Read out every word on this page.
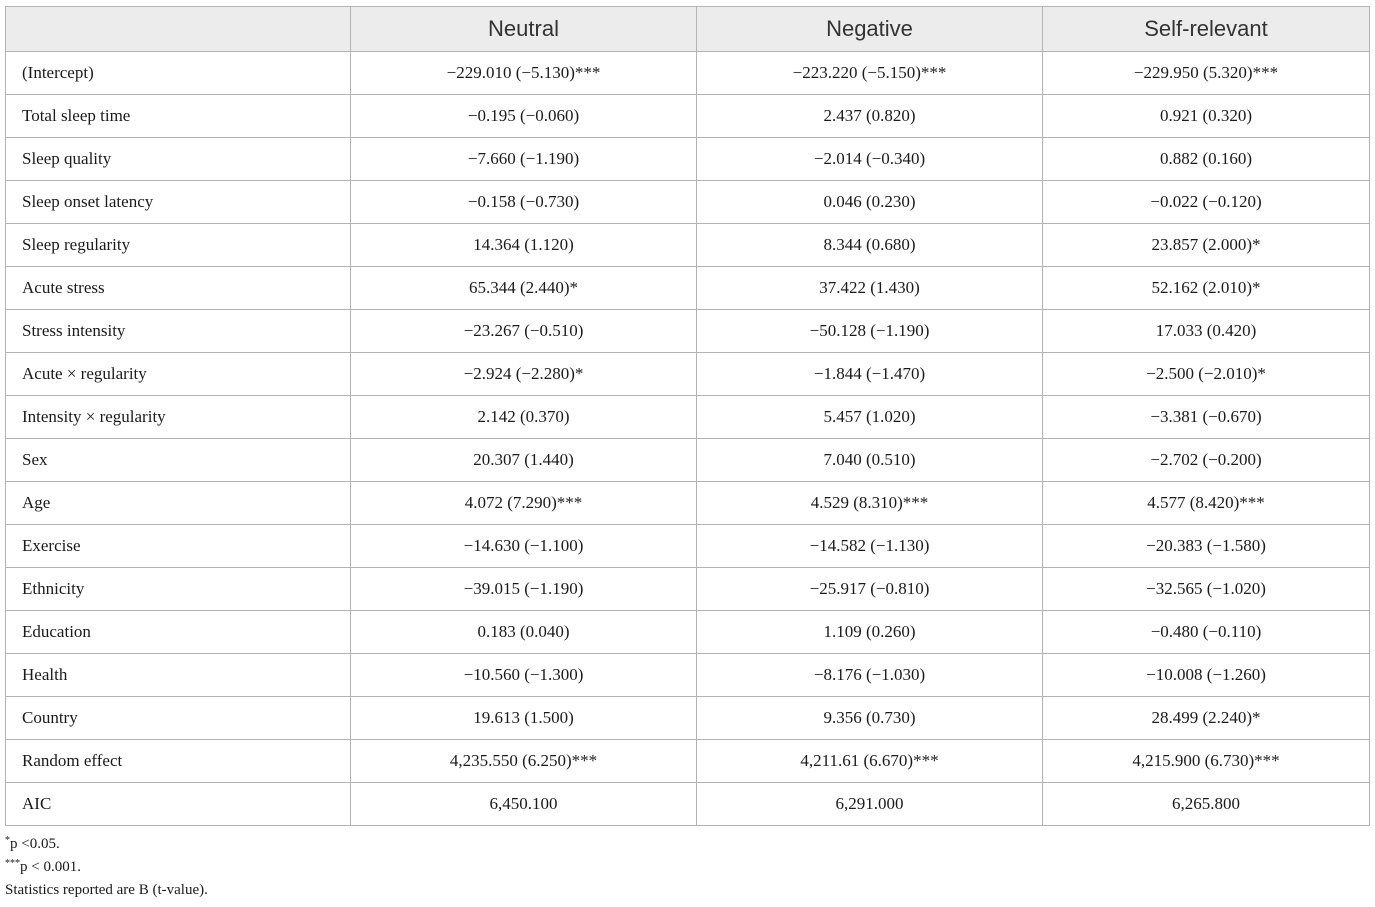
	Neutral	Negative	Self-relevant
(Intercept)	−229.010 (−5.130)***	−223.220 (−5.150)***	−229.950 (5.320)***
Total sleep time	−0.195 (−0.060)	2.437 (0.820)	0.921 (0.320)
Sleep quality	−7.660 (−1.190)	−2.014 (−0.340)	0.882 (0.160)
Sleep onset latency	−0.158 (−0.730)	0.046 (0.230)	−0.022 (−0.120)
Sleep regularity	14.364 (1.120)	8.344 (0.680)	23.857 (2.000)*
Acute stress	65.344 (2.440)*	37.422 (1.430)	52.162 (2.010)*
Stress intensity	−23.267 (−0.510)	−50.128 (−1.190)	17.033 (0.420)
Acute × regularity	−2.924 (−2.280)*	−1.844 (−1.470)	−2.500 (−2.010)*
Intensity × regularity	2.142 (0.370)	5.457 (1.020)	−3.381 (−0.670)
Sex	20.307 (1.440)	7.040 (0.510)	−2.702 (−0.200)
Age	4.072 (7.290)***	4.529 (8.310)***	4.577 (8.420)***
Exercise	−14.630 (−1.100)	−14.582 (−1.130)	−20.383 (−1.580)
Ethnicity	−39.015 (−1.190)	−25.917 (−0.810)	−32.565 (−1.020)
Education	0.183 (0.040)	1.109 (0.260)	−0.480 (−0.110)
Health	−10.560 (−1.300)	−8.176 (−1.030)	−10.008 (−1.260)
Country	19.613 (1.500)	9.356 (0.730)	28.499 (2.240)*
Random effect	4,235.550 (6.250)***	4,211.61 (6.670)***	4,215.900 (6.730)***
AIC	6,450.100	6,291.000	6,265.800
*p <0.05.
***p < 0.001.
Statistics reported are B (t-value).
